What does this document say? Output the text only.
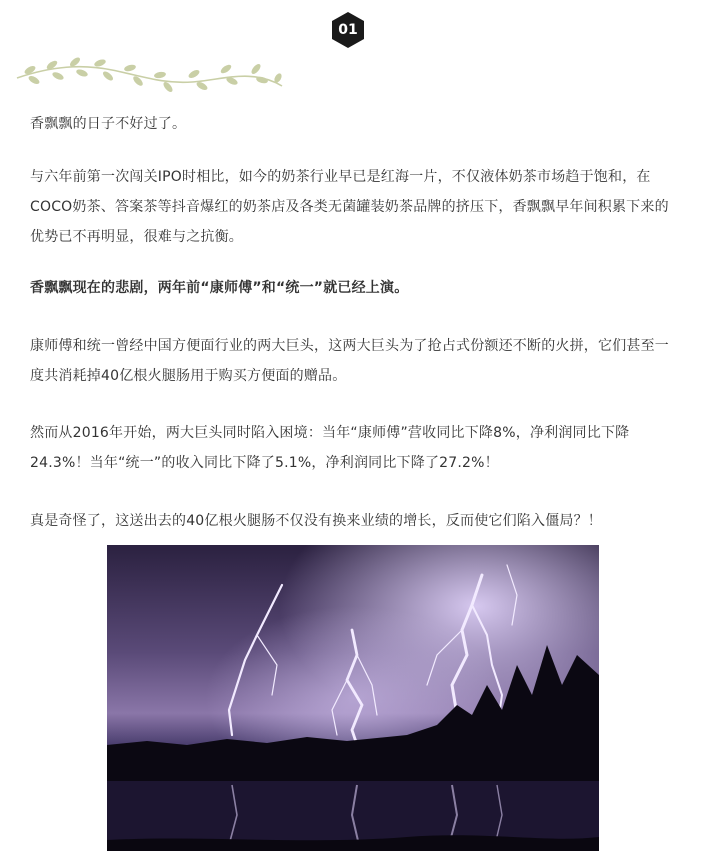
01

香飘飘的日子不好过了。

与六年前第一次闯关IPO时相比，如今的奶茶行业早已是红海一片，不仅液体奶茶市场趋于饱和，在COCO奶茶、答案茶等抖音爆红的奶茶店及各类无菌罐装奶茶品牌的挤压下，香飘飘早年间积累下来的优势已不再明显，很难与之抗衡。

香飘飘现在的悲剧，两年前“康师傅”和“统一”就已经上演。

康师傅和统一曾经中国方便面行业的两大巨头，这两大巨头为了抢占式份额还不断的火拼，它们甚至一度共消耗掉40亿根火腿肠用于购买方便面的赠品。

然而从2016年开始，两大巨头同时陷入困境：当年“康师傅”营收同比下降8%，净利润同比下降24.3%！当年“统一”的收入同比下降了5.1%，净利润同比下降了27.2%！

真是奇怪了，这送出去的40亿根火腿肠不仅没有换来业绩的增长，反而使它们陷入僵局？！
